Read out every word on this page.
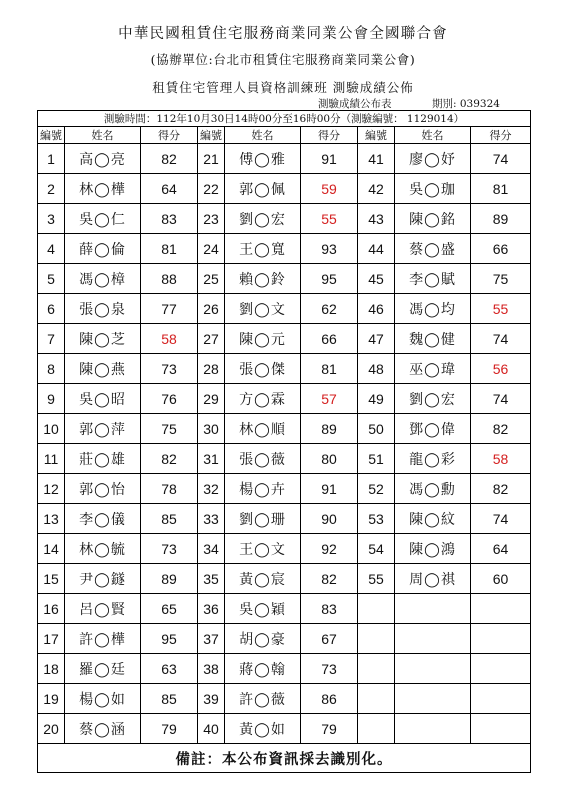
中華民國租賃住宅服務商業同業公會全國聯合會
(協辦單位:台北市租賃住宅服務商業同業公會)
租賃住宅管理人員資格訓練班 測驗成績公佈
測驗成績公布表	期別: 039324
測驗時間：112年10月30日14時00分至16時00分（測驗編號： 1129014）								
編號	姓名	得分	編號	姓名	得分	編號	姓名	得分
1	高◯亮	82	21	傅◯雅	91	41	廖◯妤	74
2	林◯樺	64	22	郭◯佩	59	42	吳◯珈	81
3	吳◯仁	83	23	劉◯宏	55	43	陳◯銘	89
4	薛◯倫	81	24	王◯寬	93	44	蔡◯盛	66
5	馮◯樟	88	25	賴◯鈴	95	45	李◯賦	75
6	張◯泉	77	26	劉◯文	62	46	馮◯均	55
7	陳◯芝	58	27	陳◯元	66	47	魏◯健	74
8	陳◯燕	73	28	張◯傑	81	48	巫◯瑋	56
9	吳◯昭	76	29	方◯霖	57	49	劉◯宏	74
10	郭◯萍	75	30	林◯順	89	50	鄧◯偉	82
11	莊◯雄	82	31	張◯薇	80	51	龍◯彩	58
12	郭◯怡	78	32	楊◯卉	91	52	馮◯勳	82
13	李◯儀	85	33	劉◯珊	90	53	陳◯紋	74
14	林◯毓	73	34	王◯文	92	54	陳◯鴻	64
15	尹◯鐩	89	35	黃◯宸	82	55	周◯祺	60
16	呂◯賢	65	36	吳◯穎	83			
17	許◯樺	95	37	胡◯豪	67			
18	羅◯廷	63	38	蔣◯翰	73			
19	楊◯如	85	39	許◯薇	86			
20	蔡◯涵	79	40	黃◯如	79			
備註：本公布資訊採去識別化。								
